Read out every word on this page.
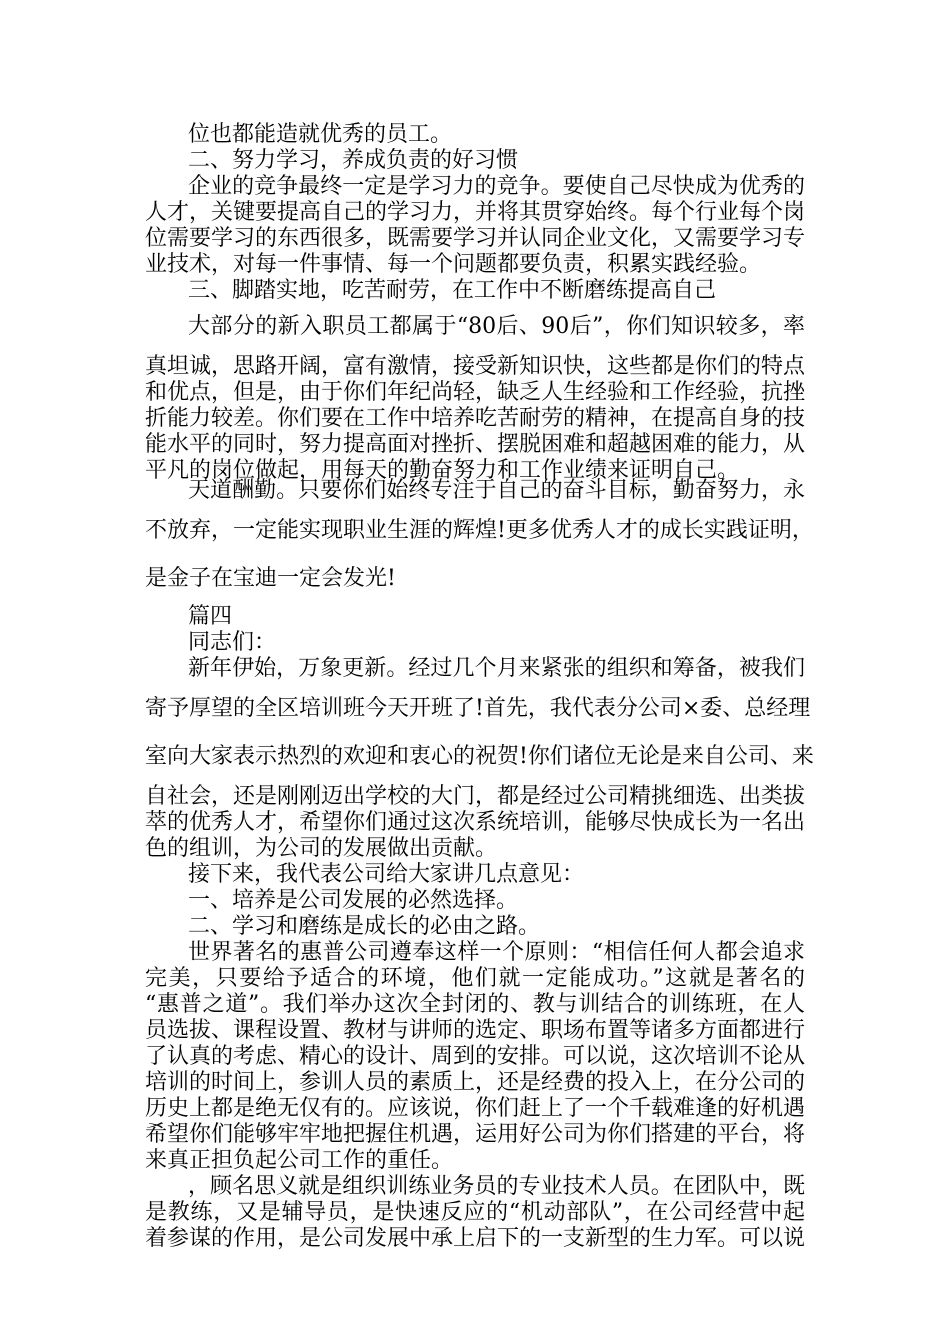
位也都能造就优秀的员工。
二、努力学习，养成负责的好习惯
企业的竞争最终一定是学习力的竞争。要使自己尽快成为优秀的
人才，关键要提高自己的学习力，并将其贯穿始终。每个行业每个岗
位需要学习的东西很多，既需要学习并认同企业文化，又需要学习专
业技术，对每一件事情、每一个问题都要负责，积累实践经验。
三、脚踏实地，吃苦耐劳，在工作中不断磨练提高自己
大部分的新入职员工都属于“80后、90后”，你们知识较多，率
真坦诚，思路开阔，富有激情，接受新知识快，这些都是你们的特点
和优点，但是，由于你们年纪尚轻，缺乏人生经验和工作经验，抗挫
折能力较差。你们要在工作中培养吃苦耐劳的精神，在提高自身的技
能水平的同时，努力提高面对挫折、摆脱困难和超越困难的能力，从
平凡的岗位做起，用每天的勤奋努力和工作业绩来证明自己。
天道酬勤。只要你们始终专注于自己的奋斗目标，勤奋努力，永
不放弃，一定能实现职业生涯的辉煌!更多优秀人才的成长实践证明，
是金子在宝迪一定会发光!
篇四
同志们：
新年伊始，万象更新。经过几个月来紧张的组织和筹备，被我们
寄予厚望的全区培训班今天开班了!首先，我代表分公司×委、总经理
室向大家表示热烈的欢迎和衷心的祝贺!你们诸位无论是来自公司、来
自社会，还是刚刚迈出学校的大门，都是经过公司精挑细选、出类拔
萃的优秀人才，希望你们通过这次系统培训，能够尽快成长为一名出
色的组训，为公司的发展做出贡献。
接下来，我代表公司给大家讲几点意见：
一、培养是公司发展的必然选择。
二、学习和磨练是成长的必由之路。
世界著名的惠普公司遵奉这样一个原则：“相信任何人都会追求
完美，只要给予适合的环境，他们就一定能成功。”这就是著名的
“惠普之道”。我们举办这次全封闭的、教与训结合的训练班，在人
员选拔、课程设置、教材与讲师的选定、职场布置等诸多方面都进行
了认真的考虑、精心的设计、周到的安排。可以说，这次培训不论从
培训的时间上，参训人员的素质上，还是经费的投入上，在分公司的
历史上都是绝无仅有的。应该说，你们赶上了一个千载难逢的好机遇
希望你们能够牢牢地把握住机遇，运用好公司为你们搭建的平台，将
来真正担负起公司工作的重任。
，顾名思义就是组织训练业务员的专业技术人员。在团队中，既
是教练，又是辅导员，是快速反应的“机动部队”，在公司经营中起
着参谋的作用，是公司发展中承上启下的一支新型的生力军。可以说
